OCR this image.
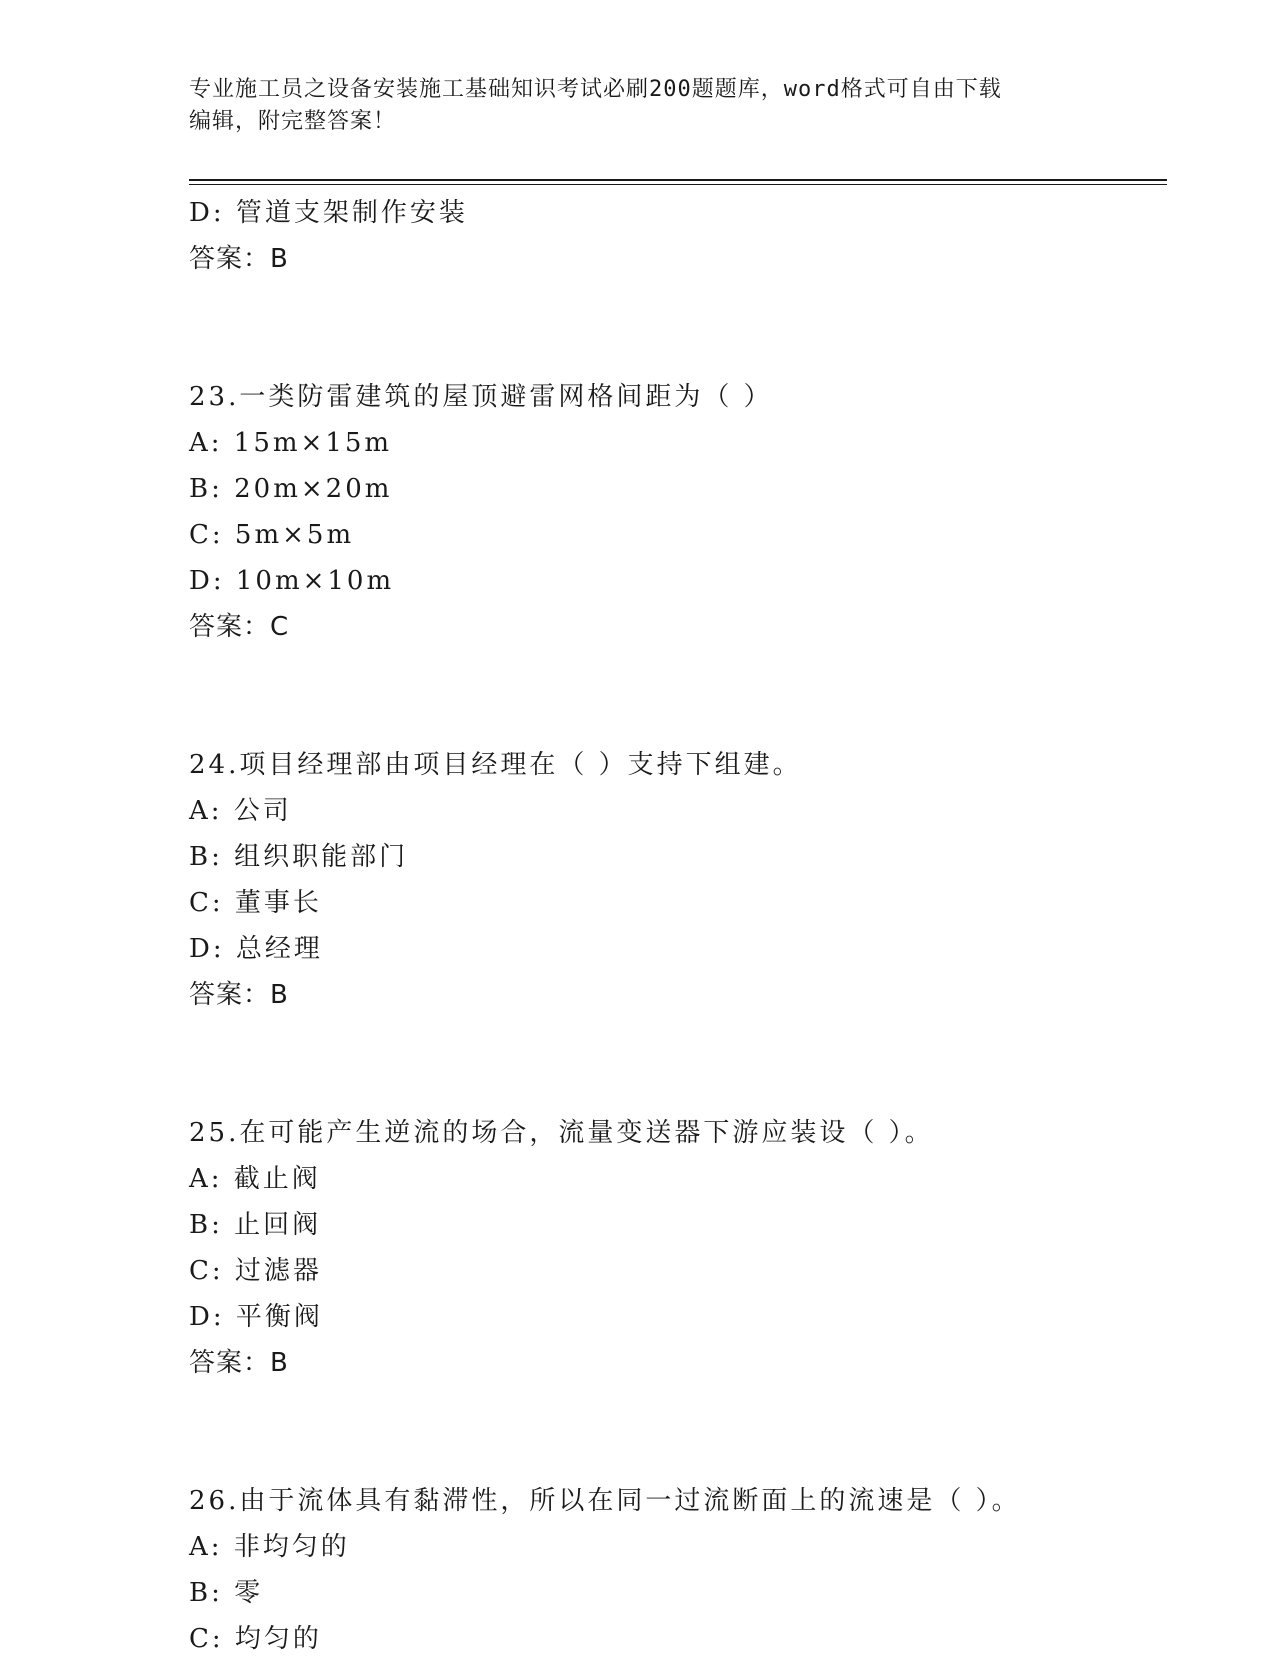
专业施工员之设备安装施工基础知识考试必刷200题题库，word格式可自由下载
编辑，附完整答案！
D: 管道支架制作安装
答案：B
23.一类防雷建筑的屋顶避雷网格间距为（ ）
A: 15m×15m
B: 20m×20m
C: 5m×5m
D: 10m×10m
答案：C
24.项目经理部由项目经理在（ ）支持下组建。
A: 公司
B: 组织职能部门
C: 董事长
D: 总经理
答案：B
25.在可能产生逆流的场合，流量变送器下游应装设（ ）。
A: 截止阀
B: 止回阀
C: 过滤器
D: 平衡阀
答案：B
26.由于流体具有黏滞性，所以在同一过流断面上的流速是（ ）。
A: 非均匀的
B: 零
C: 均匀的
